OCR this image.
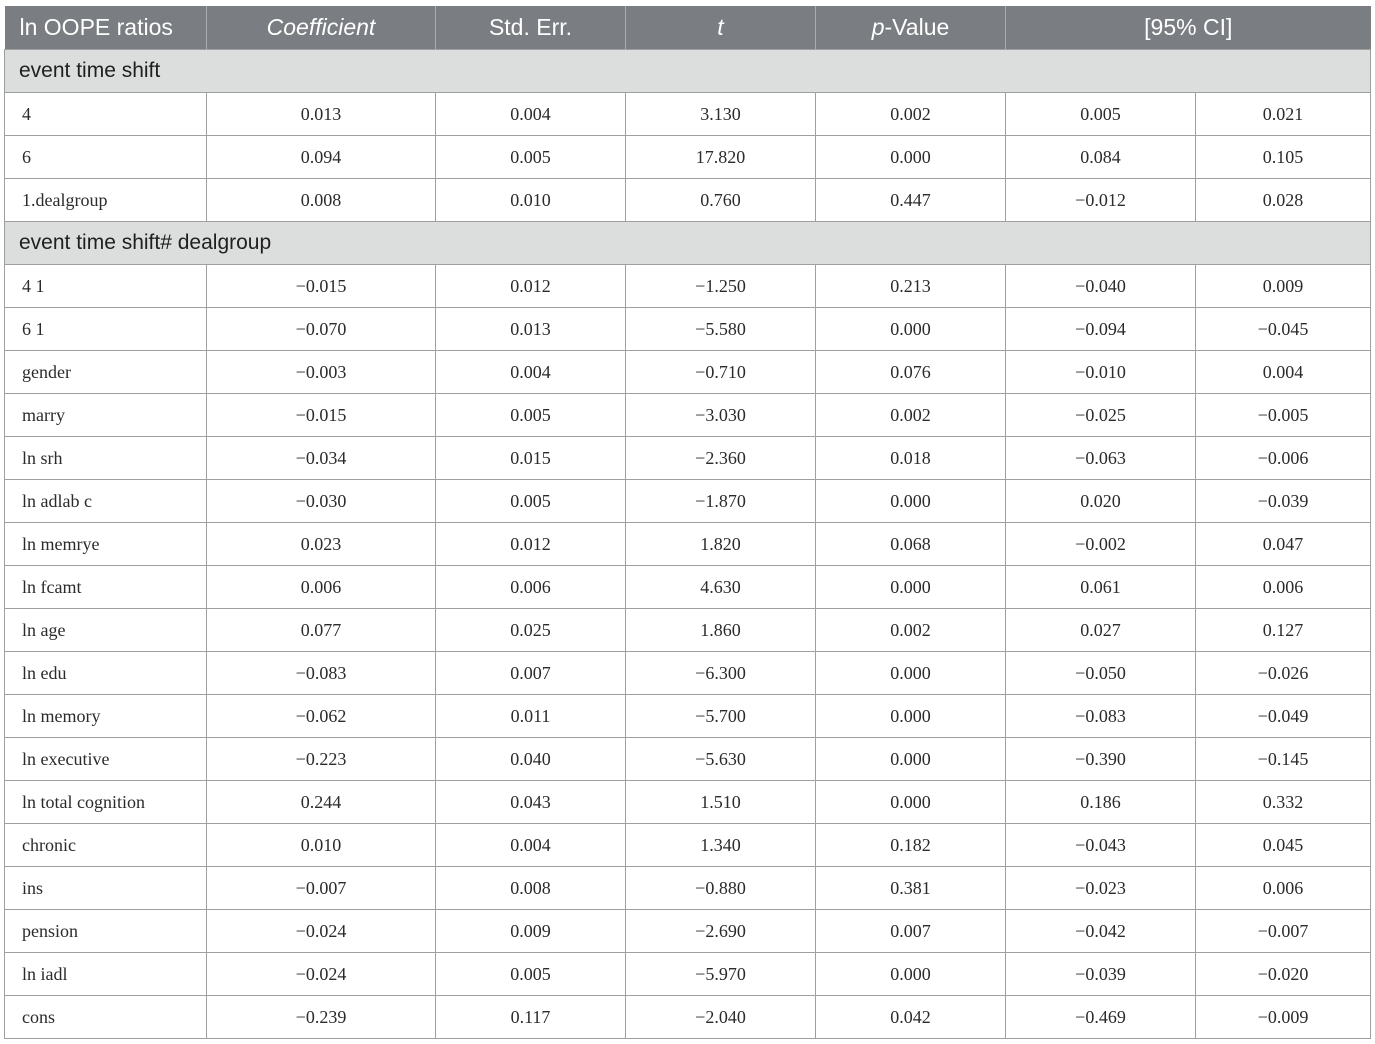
ln OOPE ratios	Coefficient	Std. Err.	t	p-Value	[95% CI]	
event time shift						
4	0.013	0.004	3.130	0.002	0.005	0.021
6	0.094	0.005	17.820	0.000	0.084	0.105
1.dealgroup	0.008	0.010	0.760	0.447	−0.012	0.028
event time shift# dealgroup						
4 1	−0.015	0.012	−1.250	0.213	−0.040	0.009
6 1	−0.070	0.013	−5.580	0.000	−0.094	−0.045
gender	−0.003	0.004	−0.710	0.076	−0.010	0.004
marry	−0.015	0.005	−3.030	0.002	−0.025	−0.005
ln srh	−0.034	0.015	−2.360	0.018	−0.063	−0.006
ln adlab c	−0.030	0.005	−1.870	0.000	0.020	−0.039
ln memrye	0.023	0.012	1.820	0.068	−0.002	0.047
ln fcamt	0.006	0.006	4.630	0.000	0.061	0.006
ln age	0.077	0.025	1.860	0.002	0.027	0.127
ln edu	−0.083	0.007	−6.300	0.000	−0.050	−0.026
ln memory	−0.062	0.011	−5.700	0.000	−0.083	−0.049
ln executive	−0.223	0.040	−5.630	0.000	−0.390	−0.145
ln total cognition	0.244	0.043	1.510	0.000	0.186	0.332
chronic	0.010	0.004	1.340	0.182	−0.043	0.045
ins	−0.007	0.008	−0.880	0.381	−0.023	0.006
pension	−0.024	0.009	−2.690	0.007	−0.042	−0.007
ln iadl	−0.024	0.005	−5.970	0.000	−0.039	−0.020
cons	−0.239	0.117	−2.040	0.042	−0.469	−0.009
